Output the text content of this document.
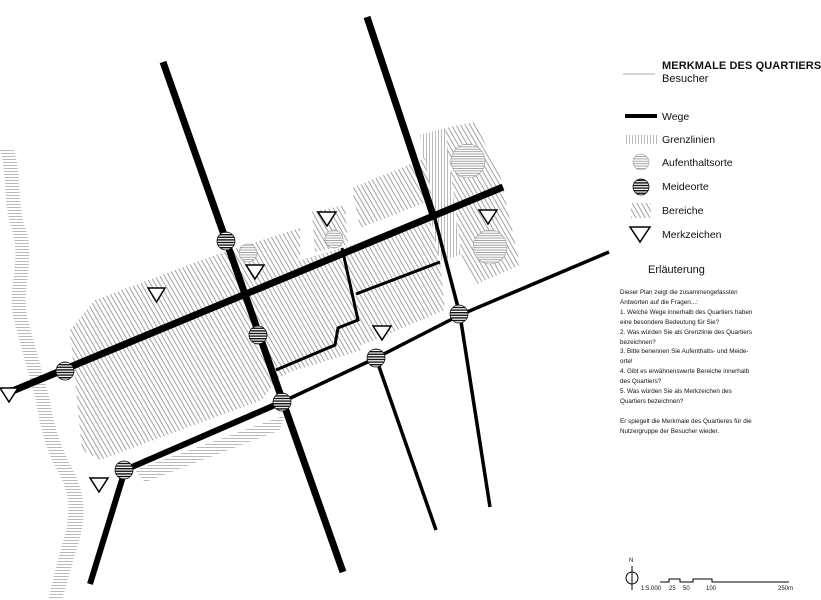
MERKMALE DES QUARTIERS
Besucher
Wege
Grenzlinien
Aufenthaltsorte
Meideorte
Bereiche
Merkzeichen
Erläuterung

Dieser Plan zeigt die zusammengefassten

Antworten auf die Fragen...:

1. Welche Wege innerhalb des Quartiers haben

eine besondere Bedeutung für Sie?

2. Was würden Sie als Grenzlinie des Quartiers

bezeichnen?

3. Bitte benennen Sie Aufenthalts- und Meide-

orte!

4. Gibt es erwähnenswerte Bereiche innerhalb

des Quartiers?

5. Was würden Sie als Merkzeichen des

Quartiers bezeichnen?

Er spiegelt die Merkmale des Quartieres für die

Nutzergruppe der Besucher wieder.

N
1:5.000 25 50	100	250m
